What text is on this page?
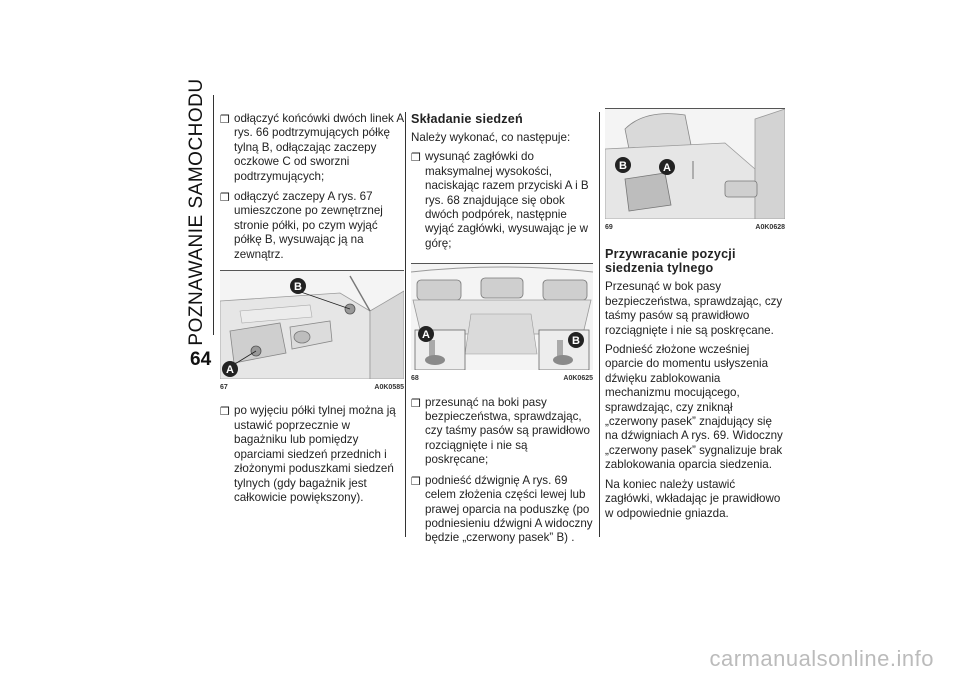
POZNAWANIE SAMOCHODU
64
❒ odłączyć końcówki dwóch linek A rys. 66 podtrzymujących półkę tylną B, odłączając zaczepy oczkowe C od sworzni podtrzymujących;
❒ odłączyć zaczepy A rys. 67 umieszczone po zewnętrznej stronie półki, po czym wyjąć półkę B, wysuwając ją na zewnątrz.
B
A
67	A0K0585
❒ po wyjęciu półki tylnej można ją ustawić poprzecznie w bagażniku lub pomiędzy oparciami siedzeń przednich i złożonymi poduszkami siedzeń tylnych (gdy bagażnik jest całkowicie powiększony).
Składanie siedzeń

Należy wykonać, co następuje:

❒ wysunąć zagłówki do maksymalnej wysokości, naciskając razem przyciski A i B rys. 68 znajdujące się obok dwóch podpórek, następnie wyjąć zagłówki, wysuwając je w górę;
A	B
68	A0K0625
❒ przesunąć na boki pasy bezpieczeństwa, sprawdzając, czy taśmy pasów są prawidłowo rozciągnięte i nie są poskręcane;
❒ podnieść dźwignię A rys. 69 celem złożenia części lewej lub prawej oparcia na poduszkę (po podniesieniu dźwigni A widoczny będzie „czerwony pasek” B) .
B	A
69	A0K0628
Przywracanie pozycji siedzenia tylnego

Przesunąć w bok pasy bezpieczeństwa, sprawdzając, czy taśmy pasów są prawidłowo rozciągnięte i nie są poskręcane.

Podnieść złożone wcześniej oparcie do momentu usłyszenia dźwięku zablokowania mechanizmu mocującego, sprawdzając, czy zniknął „czerwony pasek” znajdujący się na dźwigniach A rys. 69. Widoczny „czerwony pasek” sygnalizuje brak zablokowania oparcia siedzenia.

Na koniec należy ustawić zagłówki, wkładając je prawidłowo w odpowiednie gniazda.

carmanualsonline.info
